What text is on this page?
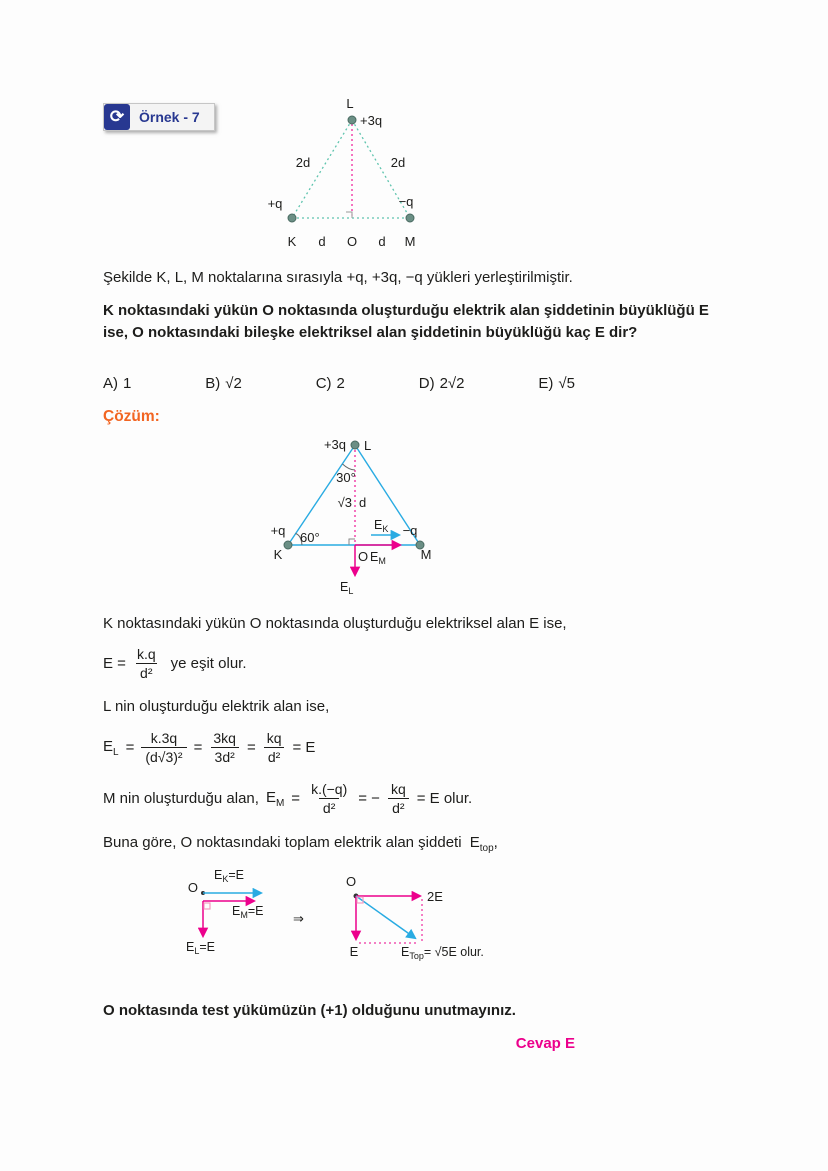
⟳	Örnek - 7
L
+3q
2d	2d
+q	−q
K d O d M

Şekilde K, L, M noktalarına sırasıyla +q, +3q, −q yükleri yerleştirilmiştir.

K noktasındaki yükün O noktasında oluşturduğu elektrik alan şiddetinin büyüklüğü E ise, O noktasındaki bileşke elektriksel alan şiddetinin büyüklüğü kaç E dir?

A) 1	B) √2	C) 2	D) 2√2	E) √5
Çözüm:
+3q L
30°
√3 d
+q 60°
K	O
−q
M
$E_K$
$E_M$
$E_L$

K noktasındaki yükün O noktasında oluşturduğu elektriksel alan E ise,

$E = \frac{k.q}{\text{d²}}$ ye eşit olur.

L nin oluşturduğu elektrik alan ise,

$E_L = \frac{k.3q}{\text{(d√3)²}} = \frac{3kq}{\text{3d²}} = \frac{kq}{\text{d²}} = E$
M nin oluşturduğu alan, $E_M = \frac{k.(-q)}{\text{d²}}$ = − $\frac{kq}{\text{d²}} = E$ olur.

Buna göre, O noktasındaki toplam elektrik alan şiddeti $E_{top}$,

O
$E_K=E$
$E_M=E$
$E_L=E$
⇒
O
2E
E	$E_{Top}= √5E$ olur.

O noktasında test yükümüzün (+1) olduğunu unutmayınız.

Cevap E
